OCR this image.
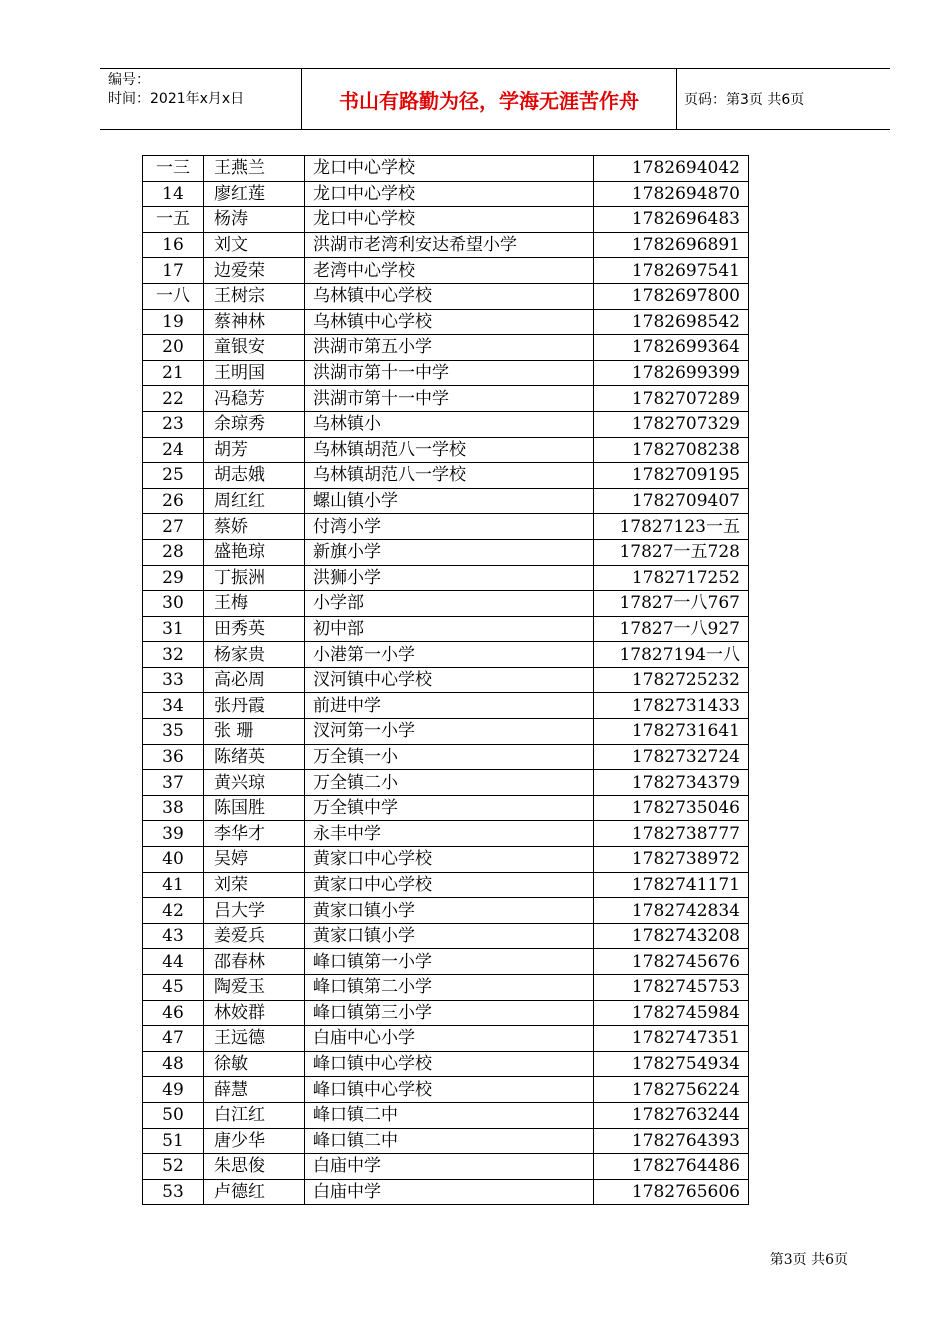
编号：
时间：2021年x月x日	书山有路勤为径，学海无涯苦作舟	页码：第3页 共6页
一三	王燕兰	龙口中心学校	1782694042
14	廖红莲	龙口中心学校	1782694870
一五	杨涛	龙口中心学校	1782696483
16	刘文	洪湖市老湾利安达希望小学	1782696891
17	边爱荣	老湾中心学校	1782697541
一八	王树宗	乌林镇中心学校	1782697800
19	蔡神林	乌林镇中心学校	1782698542
20	童银安	洪湖市第五小学	1782699364
21	王明国	洪湖市第十一中学	1782699399
22	冯稳芳	洪湖市第十一中学	1782707289
23	余琼秀	乌林镇小	1782707329
24	胡芳	乌林镇胡范八一学校	1782708238
25	胡志娥	乌林镇胡范八一学校	1782709195
26	周红红	螺山镇小学	1782709407
27	蔡娇	付湾小学	17827123一五
28	盛艳琼	新旗小学	17827一五728
29	丁振洲	洪狮小学	1782717252
30	王梅	小学部	17827一八767
31	田秀英	初中部	17827一八927
32	杨家贵	小港第一小学	17827194一八
33	高必周	汊河镇中心学校	1782725232
34	张丹霞	前进中学	1782731433
35	张 珊	汊河第一小学	1782731641
36	陈绪英	万全镇一小	1782732724
37	黄兴琼	万全镇二小	1782734379
38	陈国胜	万全镇中学	1782735046
39	李华才	永丰中学	1782738777
40	吴婷	黄家口中心学校	1782738972
41	刘荣	黄家口中心学校	1782741171
42	吕大学	黄家口镇小学	1782742834
43	姜爱兵	黄家口镇小学	1782743208
44	邵春林	峰口镇第一小学	1782745676
45	陶爱玉	峰口镇第二小学	1782745753
46	林姣群	峰口镇第三小学	1782745984
47	王远德	白庙中心小学	1782747351
48	徐敏	峰口镇中心学校	1782754934
49	薛慧	峰口镇中心学校	1782756224
50	白江红	峰口镇二中	1782763244
51	唐少华	峰口镇二中	1782764393
52	朱思俊	白庙中学	1782764486
53	卢德红	白庙中学	1782765606
第3页 共6页
